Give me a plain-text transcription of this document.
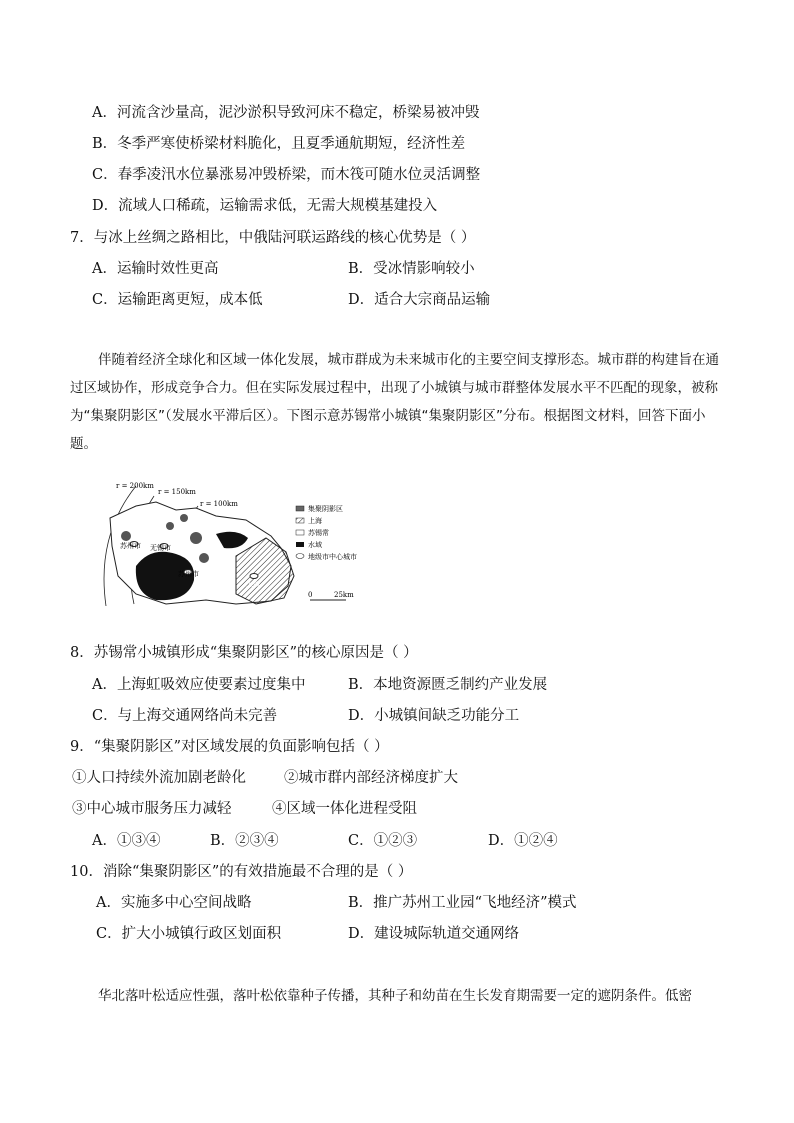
A．河流含沙量高，泥沙淤积导致河床不稳定，桥梁易被冲毁
B．冬季严寒使桥梁材料脆化，且夏季通航期短，经济性差
C．春季凌汛水位暴涨易冲毁桥梁，而木筏可随水位灵活调整
D．流域人口稀疏，运输需求低，无需大规模基建投入
7．与冰上丝绸之路相比，中俄陆河联运路线的核心优势是（ ）
A．运输时效性更高	B．受冰情影响较小
C．运输距离更短，成本低	D．适合大宗商品运输
伴随着经济全球化和区域一体化发展，城市群成为未来城市化的主要空间支撑形态。城市群的构建旨在通过区域协作，形成竞争合力。但在实际发展过程中，出现了小城镇与城市群整体发展水平不匹配的现象，被称为“集聚阴影区”（发展水平滞后区）。下图示意苏锡常小城镇“集聚阴影区”分布。根据图文材料，回答下面小题。
r = 200km
r = 150km
r = 100km
苏州市 无锡市
苏州市
上海
集聚阴影区
上海
苏锡常
水域
地级市中心城市
0	25km
8．苏锡常小城镇形成“集聚阴影区”的核心原因是（ ）
A．上海虹吸效应使要素过度集中	B．本地资源匮乏制约产业发展
C．与上海交通网络尚未完善	D．小城镇间缺乏功能分工
9．“集聚阴影区”对区域发展的负面影响包括（ ）
①人口持续外流加剧老龄化	②城市群内部经济梯度扩大
③中心城市服务压力减轻	④区域一体化进程受阻
A．①③④	B．②③④	C．①②③	D．①②④
10．消除“集聚阴影区”的有效措施最不合理的是（ ）
A．实施多中心空间战略	B．推广苏州工业园“飞地经济”模式
C．扩大小城镇行政区划面积	D．建设城际轨道交通网络
华北落叶松适应性强，落叶松依靠种子传播，其种子和幼苗在生长发育期需要一定的遮阴条件。低密
